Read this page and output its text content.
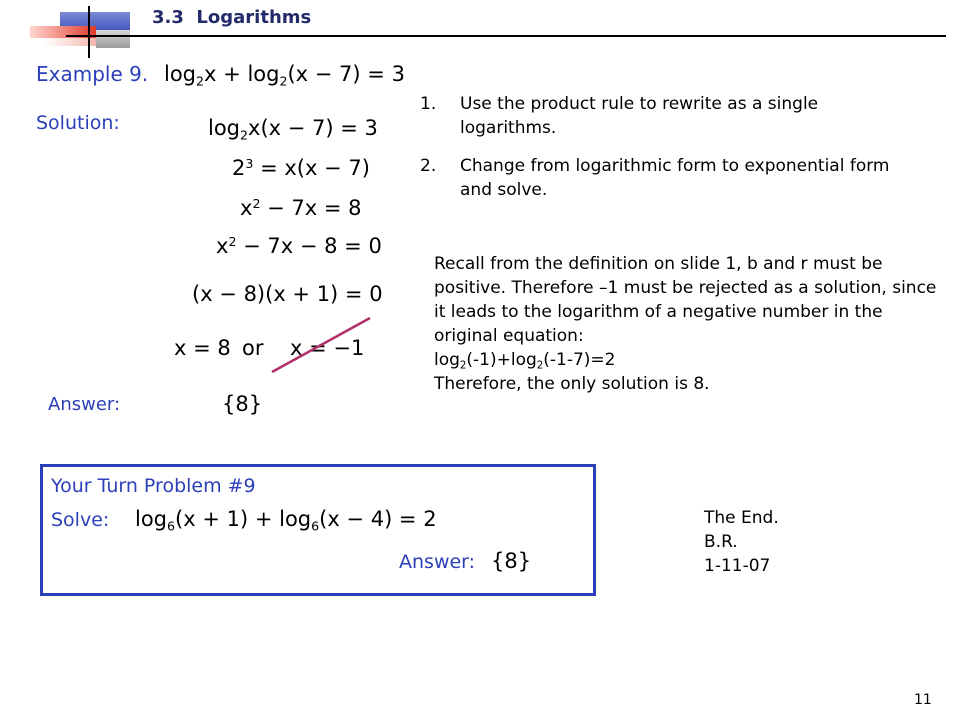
3.3  Logarithms
Example 9. $\log_2x + \log_2(x - 7) = 3$
Solution:	$\log_2x(x - 7) = 3$
$2^3 = x(x - 7)$
$x^2 - 7x = 8$
$x^2 - 7x - 8 = 0$
(x − 8)(x + 1) = 0
x = 8 or x = −1
Answer:	{8}
1. Use the product rule to rewrite as a single logarithms.
2. Change from logarithmic form to exponential form and solve.
Recall from the definition on slide 1, b and r must be positive. Therefore –1 must be rejected as a solution, since it leads to the logarithm of a negative number in the original equation:
$\log_2(-1)+\log_2(-1-7)=2$
Therefore, the only solution is 8.
Your Turn Problem #9
Solve: $\log_6(x + 1) + \log_6(x - 4) = 2$
Answer: {8}
The End.
B.R.
1-11-07
11
